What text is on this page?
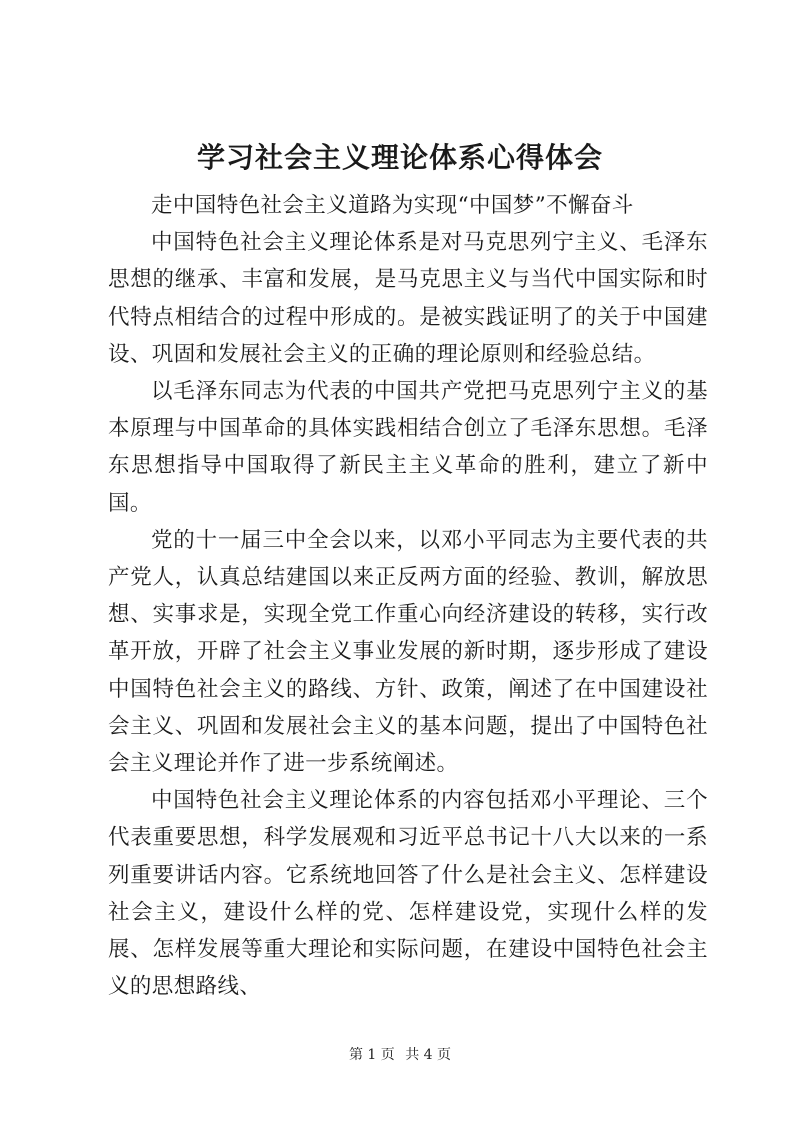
学习社会主义理论体系心得体会

走中国特色社会主义道路为实现“中国梦”不懈奋斗

中国特色社会主义理论体系是对马克思列宁主义、毛泽东思想的继承、丰富和发展，是马克思主义与当代中国实际和时代特点相结合的过程中形成的。是被实践证明了的关于中国建设、巩固和发展社会主义的正确的理论原则和经验总结。

以毛泽东同志为代表的中国共产党把马克思列宁主义的基本原理与中国革命的具体实践相结合创立了毛泽东思想。毛泽东思想指导中国取得了新民主主义革命的胜利，建立了新中国。

党的十一届三中全会以来，以邓小平同志为主要代表的共产党人，认真总结建国以来正反两方面的经验、教训，解放思想、实事求是，实现全党工作重心向经济建设的转移，实行改革开放，开辟了社会主义事业发展的新时期，逐步形成了建设中国特色社会主义的路线、方针、政策，阐述了在中国建设社会主义、巩固和发展社会主义的基本问题，提出了中国特色社会主义理论并作了进一步系统阐述。

中国特色社会主义理论体系的内容包括邓小平理论、三个代表重要思想，科学发展观和习近平总书记十八大以来的一系列重要讲话内容。它系统地回答了什么是社会主义、怎样建设社会主义，建设什么样的党、怎样建设党，实现什么样的发展、怎样发展等重大理论和实际问题，在建设中国特色社会主义的思想路线、

第 1 页 共 4 页
